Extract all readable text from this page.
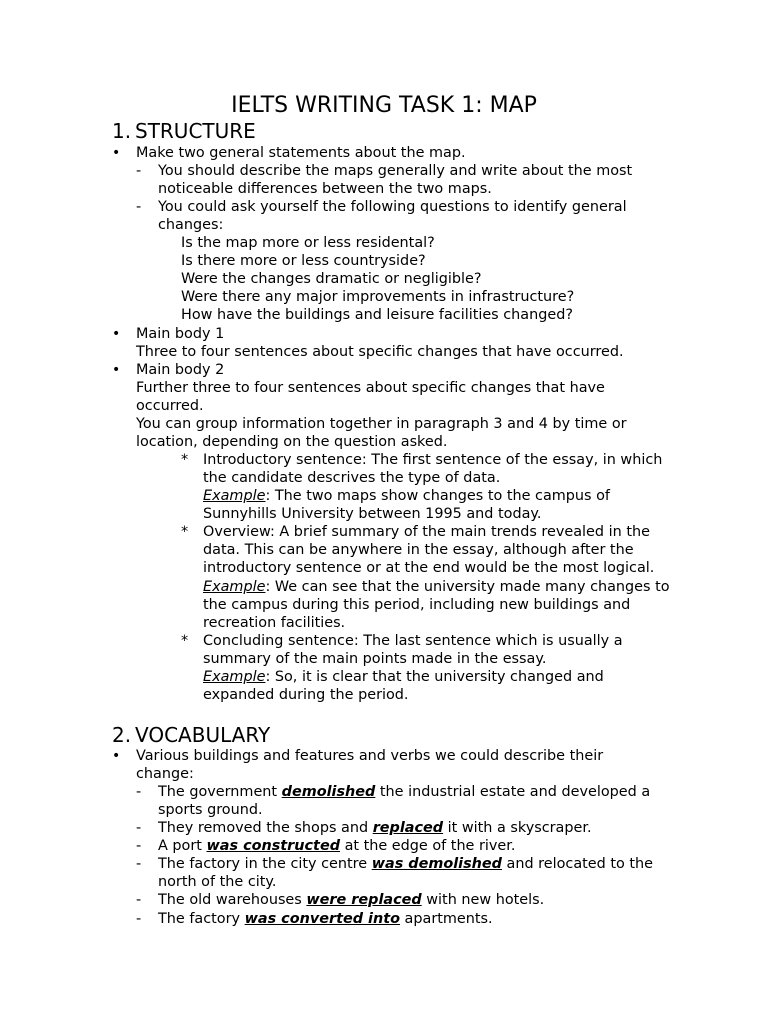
IELTS WRITING TASK 1: MAP
1. STRUCTURE
• Make two general statements about the map.
- You should describe the maps generally and write about the most
noticeable differences between the two maps.
- You could ask yourself the following questions to identify general
changes:
Is the map more or less residental?
Is there more or less countryside?
Were the changes dramatic or negligible?
Were there any major improvements in infrastructure?
How have the buildings and leisure facilities changed?
• Main body 1
Three to four sentences about specific changes that have occurred.
• Main body 2
Further three to four sentences about specific changes that have
occurred.
You can group information together in paragraph 3 and 4 by time or
location, depending on the question asked.
* Introductory sentence: The first sentence of the essay, in which
the candidate descrives the type of data.
Example: The two maps show changes to the campus of
Sunnyhills University between 1995 and today.
* Overview: A brief summary of the main trends revealed in the
data. This can be anywhere in the essay, although after the
introductory sentence or at the end would be the most logical.
Example: We can see that the university made many changes to
the campus during this period, including new buildings and
recreation facilities.
* Concluding sentence: The last sentence which is usually a
summary of the main points made in the essay.
Example: So, it is clear that the university changed and
expanded during the period.
2. VOCABULARY
• Various buildings and features and verbs we could describe their
change:
- The government demolished the industrial estate and developed a
sports ground.
- They removed the shops and replaced it with a skyscraper.
- A port was constructed at the edge of the river.
- The factory in the city centre was demolished and relocated to the
north of the city.
- The old warehouses were replaced with new hotels.
- The factory was converted into apartments.
